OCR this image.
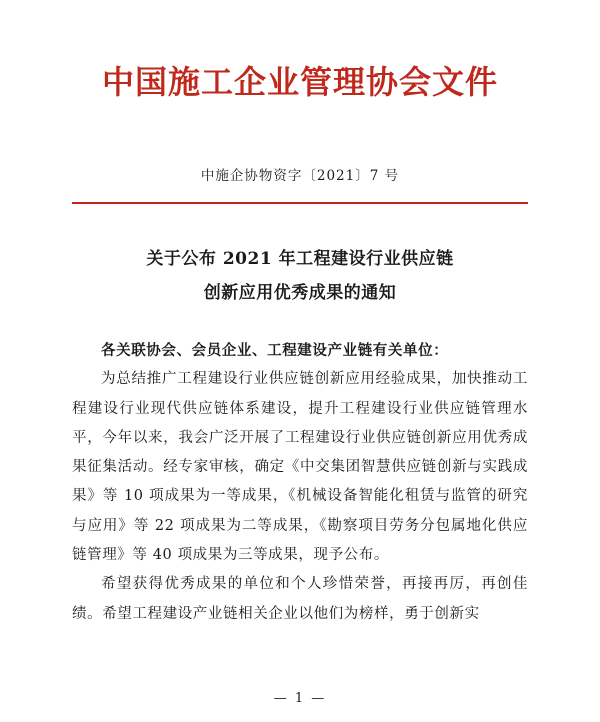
中国施工企业管理协会文件
中施企协物资字〔2021〕7 号
关于公布 2021 年工程建设行业供应链
创新应用优秀成果的通知

各关联协会、会员企业、工程建设产业链有关单位：

为总结推广工程建设行业供应链创新应用经验成果，加快推动工程建设行业现代供应链体系建设，提升工程建设行业供应链管理水平，今年以来，我会广泛开展了工程建设行业供应链创新应用优秀成果征集活动。经专家审核，确定《中交集团智慧供应链创新与实践成果》等 10 项成果为一等成果，《机械设备智能化租赁与监管的研究与应用》等 22 项成果为二等成果，《勘察项目劳务分包属地化供应链管理》等 40 项成果为三等成果，现予公布。

希望获得优秀成果的单位和个人珍惜荣誉，再接再厉，再创佳绩。希望工程建设产业链相关企业以他们为榜样，勇于创新实

— 1 —
